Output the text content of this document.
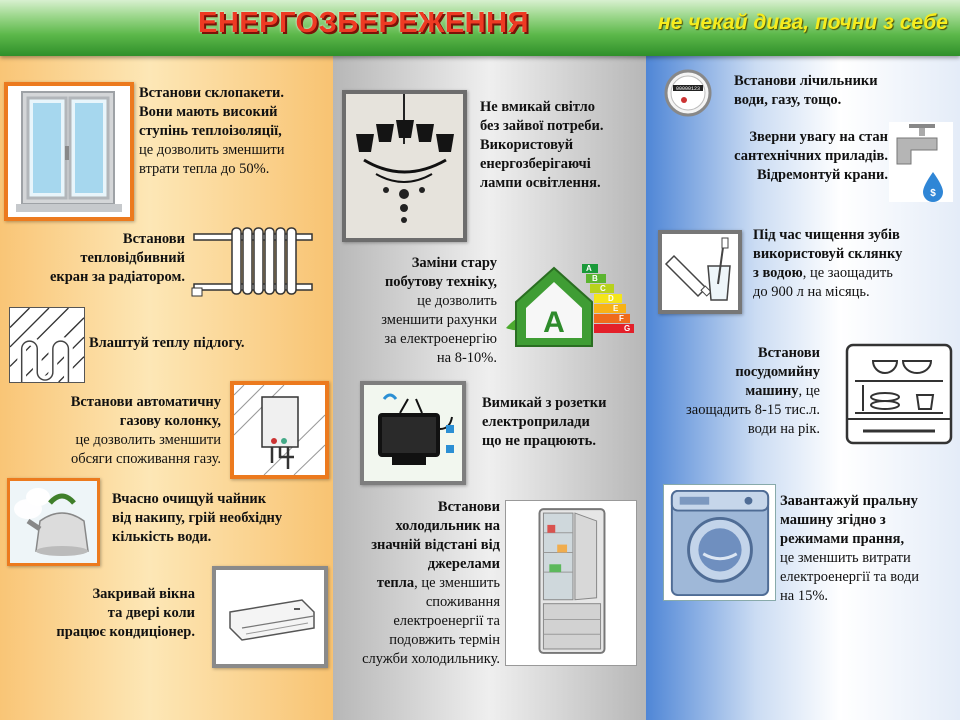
ЕНЕРГОЗБЕРЕЖЕННЯ	не чекай дива, почни з себе
Встанови склопакети.
Вони мають високий
ступінь теплоізоляції,
це дозволить зменшити
втрати тепла до 50%.
Встанови
тепловідбивний
екран за радіатором.
Влаштуй теплу підлогу.
Встанови автоматичну
газову колонку,
це дозволить зменшити
обсяги споживання газу.
Вчасно очищуй чайник
від накипу, грій необхідну
кількість води.
Закривай вікна
та двері коли
працює кондиціонер.
Не вмикай світло
без зайвої потреби.
Використовуй
енергозберігаючі
лампи освітлення.
Заміни стару
побутову техніку,
це дозволить
зменшити рахунки
за електроенергію
на 8-10%.
A
A
B
C
D
E
F
G
Вимикай з розетки
електроприлади
що не працюють.
Встанови
холодильник на
значній відстані від
джерелами
тепла, це зменшить
споживання
електроенергії та
подовжить термін
служби холодильнику.
00000123 Встанови лічильники
води, газу, тощо.
Зверни увагу на стан
сантехнічних приладів.
Відремонтуй крани.
$
Під час чищення зубів
використовуй склянку
з водою, це заощадить
до 900 л на місяць.
Встанови
посудомийну
машину, це
заощадить 8-15 тис.л.
води на рік.
Завантажуй пральну
машину згідно з
режимами прання,
це зменшить витрати
електроенергії та води
на 15%.
